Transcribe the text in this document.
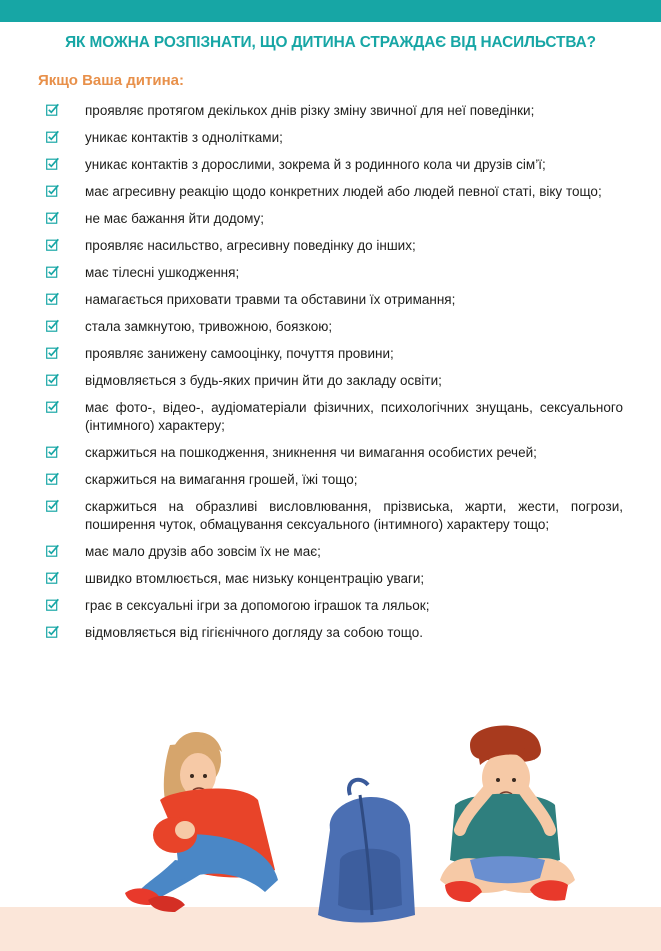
ЯК МОЖНА РОЗПІЗНАТИ, ЩО ДИТИНА СТРАЖДАЄ ВІД НАСИЛЬСТВА?
Якщо Ваша дитина:
проявляє протягом декількох днів різку зміну звичної для неї поведінки;
уникає контактів з однолітками;
уникає контактів з дорослими, зокрема й з родинного кола чи друзів сім’ї;
має агресивну реакцію щодо конкретних людей або людей певної статі, віку тощо;
не має бажання йти додому;
проявляє насильство, агресивну поведінку до інших;
має тілесні ушкодження;
намагається приховати травми та обставини їх отримання;
стала замкнутою, тривожною, боязкою;
проявляє занижену самооцінку, почуття провини;
відмовляється з будь-яких причин йти до закладу освіти;
має фото-, відео-, аудіоматеріали фізичних, психологічних знущань, сексуального (інтимного) характеру;
скаржиться на пошкодження, зникнення чи вимагання особистих речей;
скаржиться на вимагання грошей, їжі тощо;
скаржиться на образливі висловлювання, прізвиська, жарти, жести, погрози, поширення чуток, обмацування сексуального (інтимного) характеру тощо;
має мало друзів або зовсім їх не має;
швидко втомлюється, має низьку концентрацію уваги;
грає в сексуальні ігри за допомогою іграшок та ляльок;
відмовляється від гігієнічного догляду за собою тощо.
